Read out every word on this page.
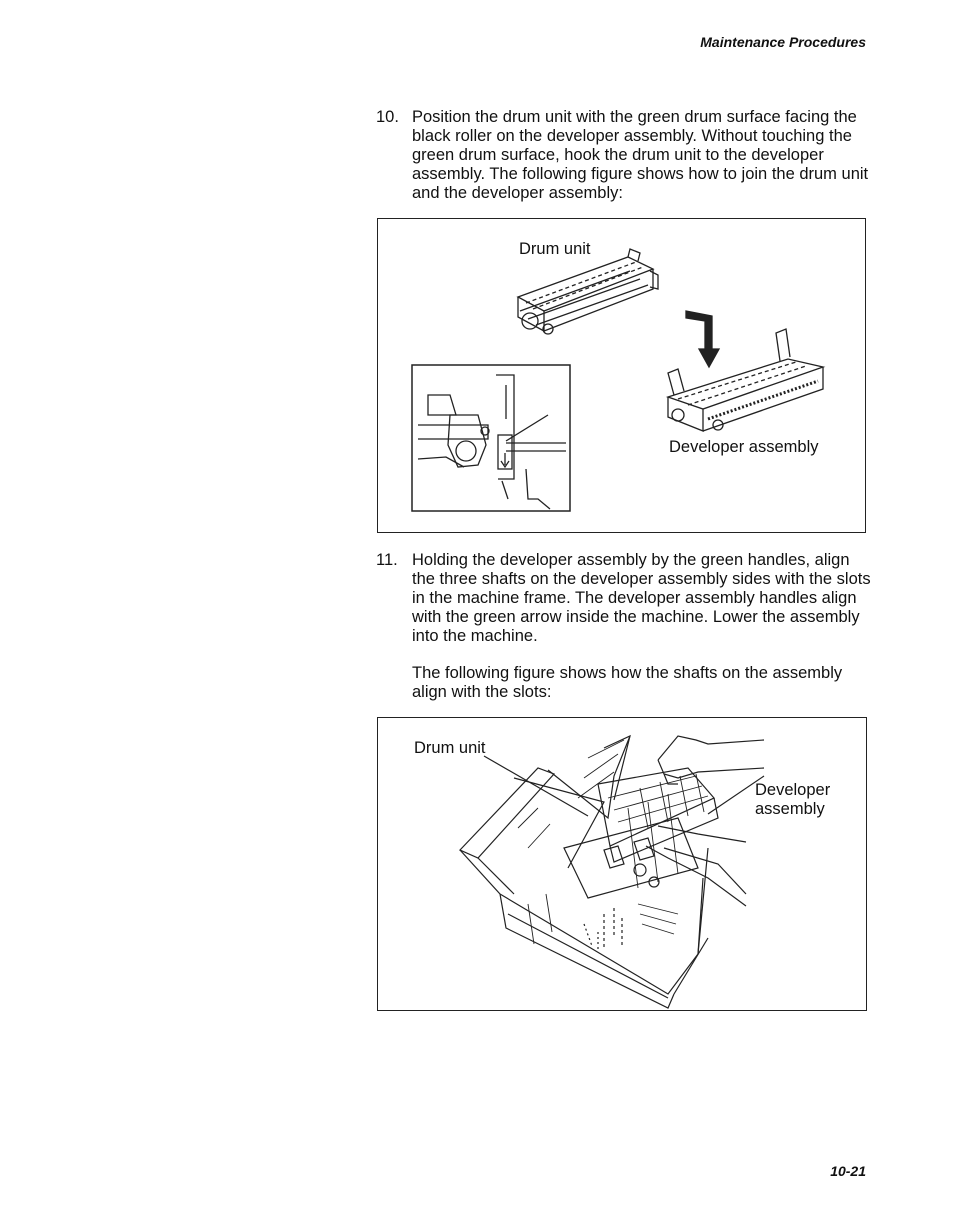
Maintenance Procedures
10. Position the drum unit with the green drum surface facing the black roller on the developer assembly. Without touching the green drum surface, hook the drum unit to the developer assembly. The following figure shows how to join the drum unit and the developer assembly:
Drum unit
Developer assembly
11. Holding the developer assembly by the green handles, align the three shafts on the developer assembly sides with the slots in the machine frame. The developer assembly handles align with the green arrow inside the machine. Lower the assembly into the machine.
The following figure shows how the shafts on the assembly align with the slots:
Drum unit
Developer
assembly
10-21
